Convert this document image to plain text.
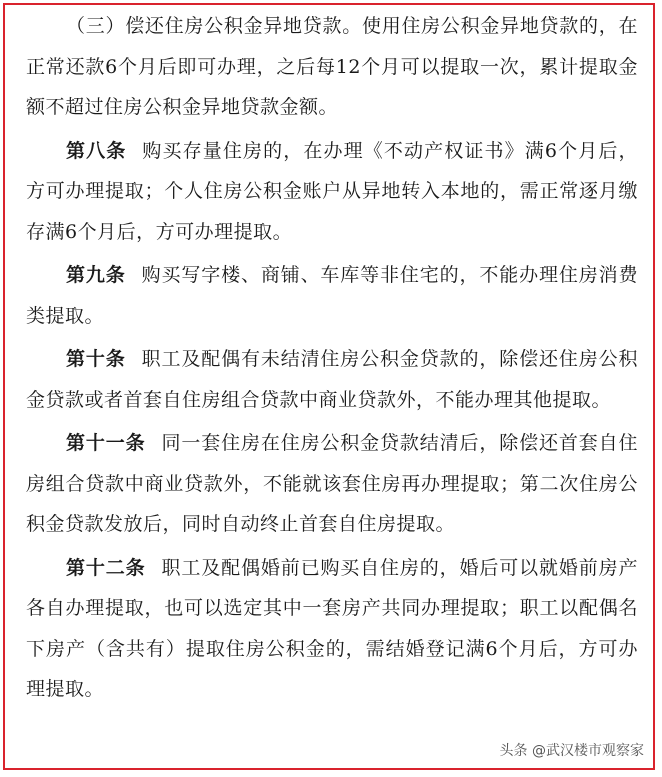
（三）偿还住房公积金异地贷款。使用住房公积金异地贷款的，在正常还款6个月后即可办理，之后每12个月可以提取一次，累计提取金额不超过住房公积金异地贷款金额。

第八条 购买存量住房的，在办理《不动产权证书》满6个月后，方可办理提取；个人住房公积金账户从异地转入本地的，需正常逐月缴存满6个月后，方可办理提取。

第九条 购买写字楼、商铺、车库等非住宅的，不能办理住房消费类提取。

第十条 职工及配偶有未结清住房公积金贷款的，除偿还住房公积金贷款或者首套自住房组合贷款中商业贷款外，不能办理其他提取。

第十一条 同一套住房在住房公积金贷款结清后，除偿还首套自住房组合贷款中商业贷款外，不能就该套住房再办理提取；第二次住房公积金贷款发放后，同时自动终止首套自住房提取。

第十二条 职工及配偶婚前已购买自住房的，婚后可以就婚前房产各自办理提取，也可以选定其中一套房产共同办理提取；职工以配偶名下房产（含共有）提取住房公积金的，需结婚登记满6个月后，方可办理提取。

头条 @武汉楼市观察家
